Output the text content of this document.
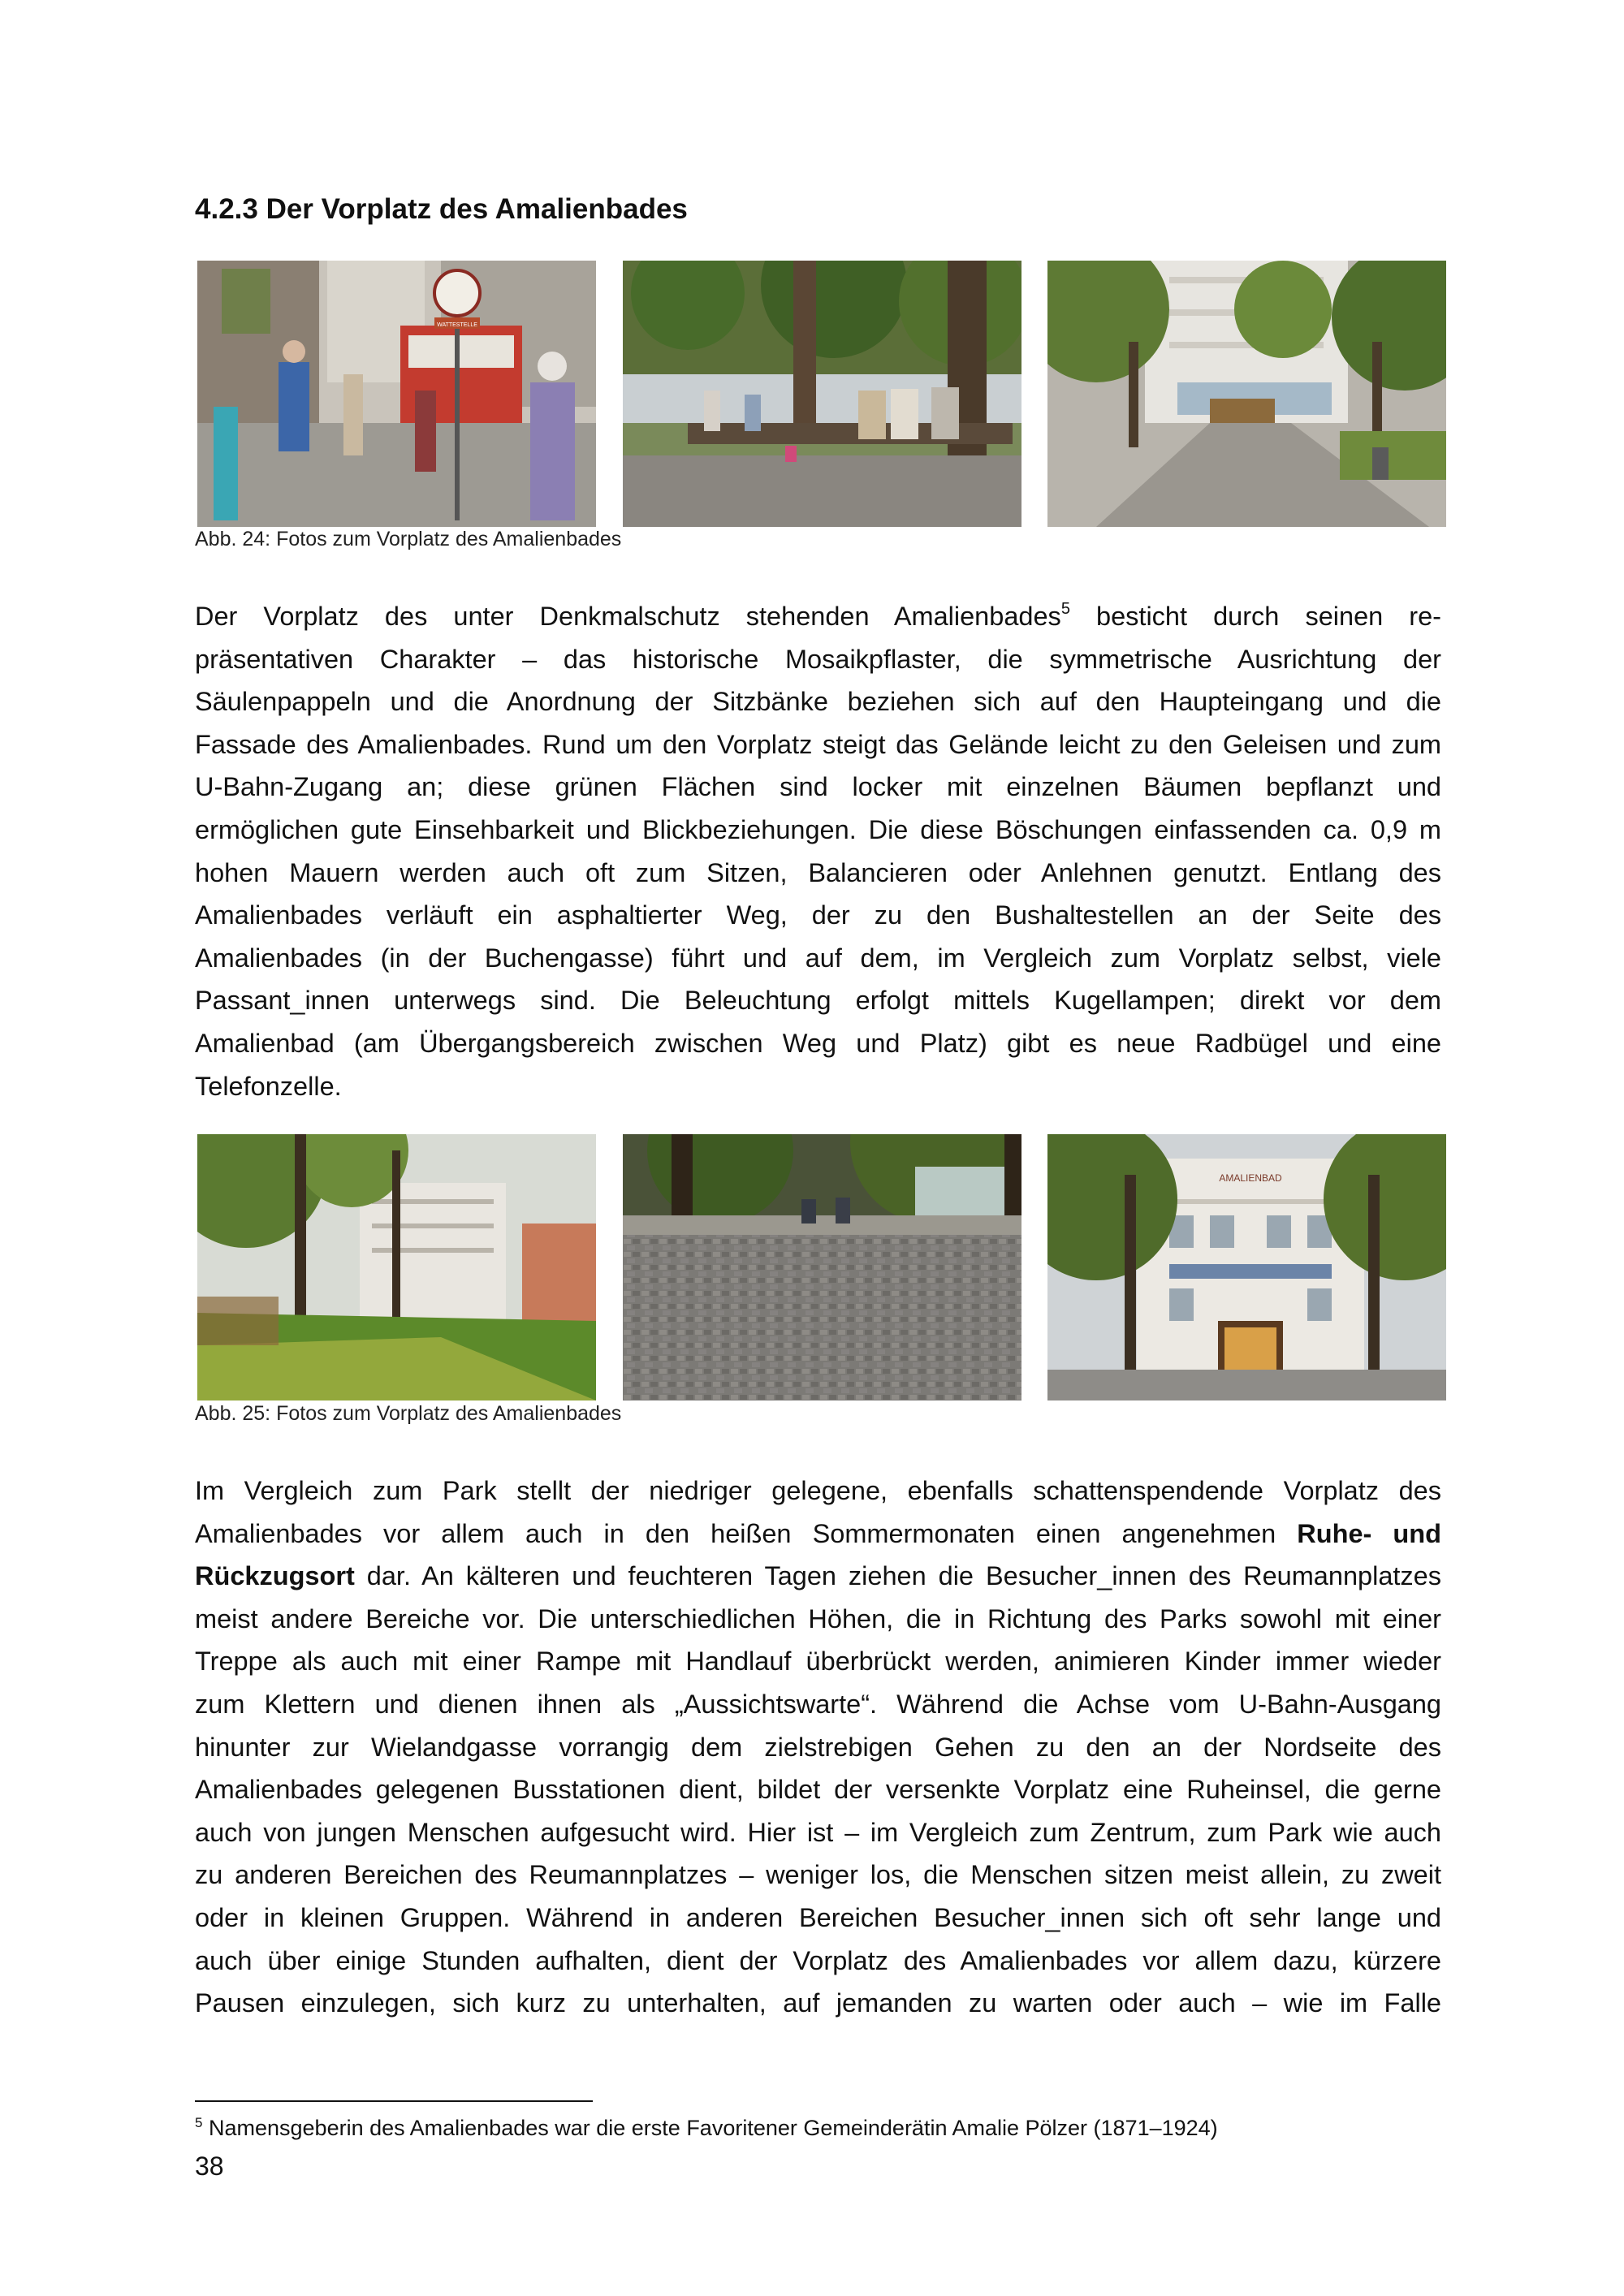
4.2.3 Der Vorplatz des Amalienbades
WATTESTELLE
Abb. 24: Fotos zum Vorplatz des Amalienbades
Der Vorplatz des unter Denkmalschutz stehenden Amalienbades$^5$ besticht durch seinen re-
präsentativen Charakter – das historische Mosaikpflaster, die symmetrische Ausrichtung der
Säulenpappeln und die Anordnung der Sitzbänke beziehen sich auf den Haupteingang und die
Fassade des Amalienbades. Rund um den Vorplatz steigt das Gelände leicht zu den Geleisen und zum
U-Bahn-Zugang an; diese grünen Flächen sind locker mit einzelnen Bäumen bepflanzt und
ermöglichen gute Einsehbarkeit und Blickbeziehungen. Die diese Böschungen einfassenden ca. 0,9 m
hohen Mauern werden auch oft zum Sitzen, Balancieren oder Anlehnen genutzt. Entlang des
Amalienbades verläuft ein asphaltierter Weg, der zu den Bushaltestellen an der Seite des
Amalienbades (in der Buchengasse) führt und auf dem, im Vergleich zum Vorplatz selbst, viele
Passant_innen unterwegs sind. Die Beleuchtung erfolgt mittels Kugellampen; direkt vor dem
Amalienbad (am Übergangsbereich zwischen Weg und Platz) gibt es neue Radbügel und eine
Telefonzelle.
AMALIENBAD
Abb. 25: Fotos zum Vorplatz des Amalienbades
Im Vergleich zum Park stellt der niedriger gelegene, ebenfalls schattenspendende Vorplatz des
Amalienbades vor allem auch in den heißen Sommermonaten einen angenehmen Ruhe- und
Rückzugsort dar. An kälteren und feuchteren Tagen ziehen die Besucher_innen des Reumannplatzes
meist andere Bereiche vor. Die unterschiedlichen Höhen, die in Richtung des Parks sowohl mit einer
Treppe als auch mit einer Rampe mit Handlauf überbrückt werden, animieren Kinder immer wieder
zum Klettern und dienen ihnen als „Aussichtswarte“. Während die Achse vom U-Bahn-Ausgang
hinunter zur Wielandgasse vorrangig dem zielstrebigen Gehen zu den an der Nordseite des
Amalienbades gelegenen Busstationen dient, bildet der versenkte Vorplatz eine Ruheinsel, die gerne
auch von jungen Menschen aufgesucht wird. Hier ist – im Vergleich zum Zentrum, zum Park wie auch
zu anderen Bereichen des Reumannplatzes – weniger los, die Menschen sitzen meist allein, zu zweit
oder in kleinen Gruppen. Während in anderen Bereichen Besucher_innen sich oft sehr lange und
auch über einige Stunden aufhalten, dient der Vorplatz des Amalienbades vor allem dazu, kürzere
Pausen einzulegen, sich kurz zu unterhalten, auf jemanden zu warten oder auch – wie im Falle
$^5$ Namensgeberin des Amalienbades war die erste Favoritener Gemeinderätin Amalie Pölzer (1871–1924)
38
